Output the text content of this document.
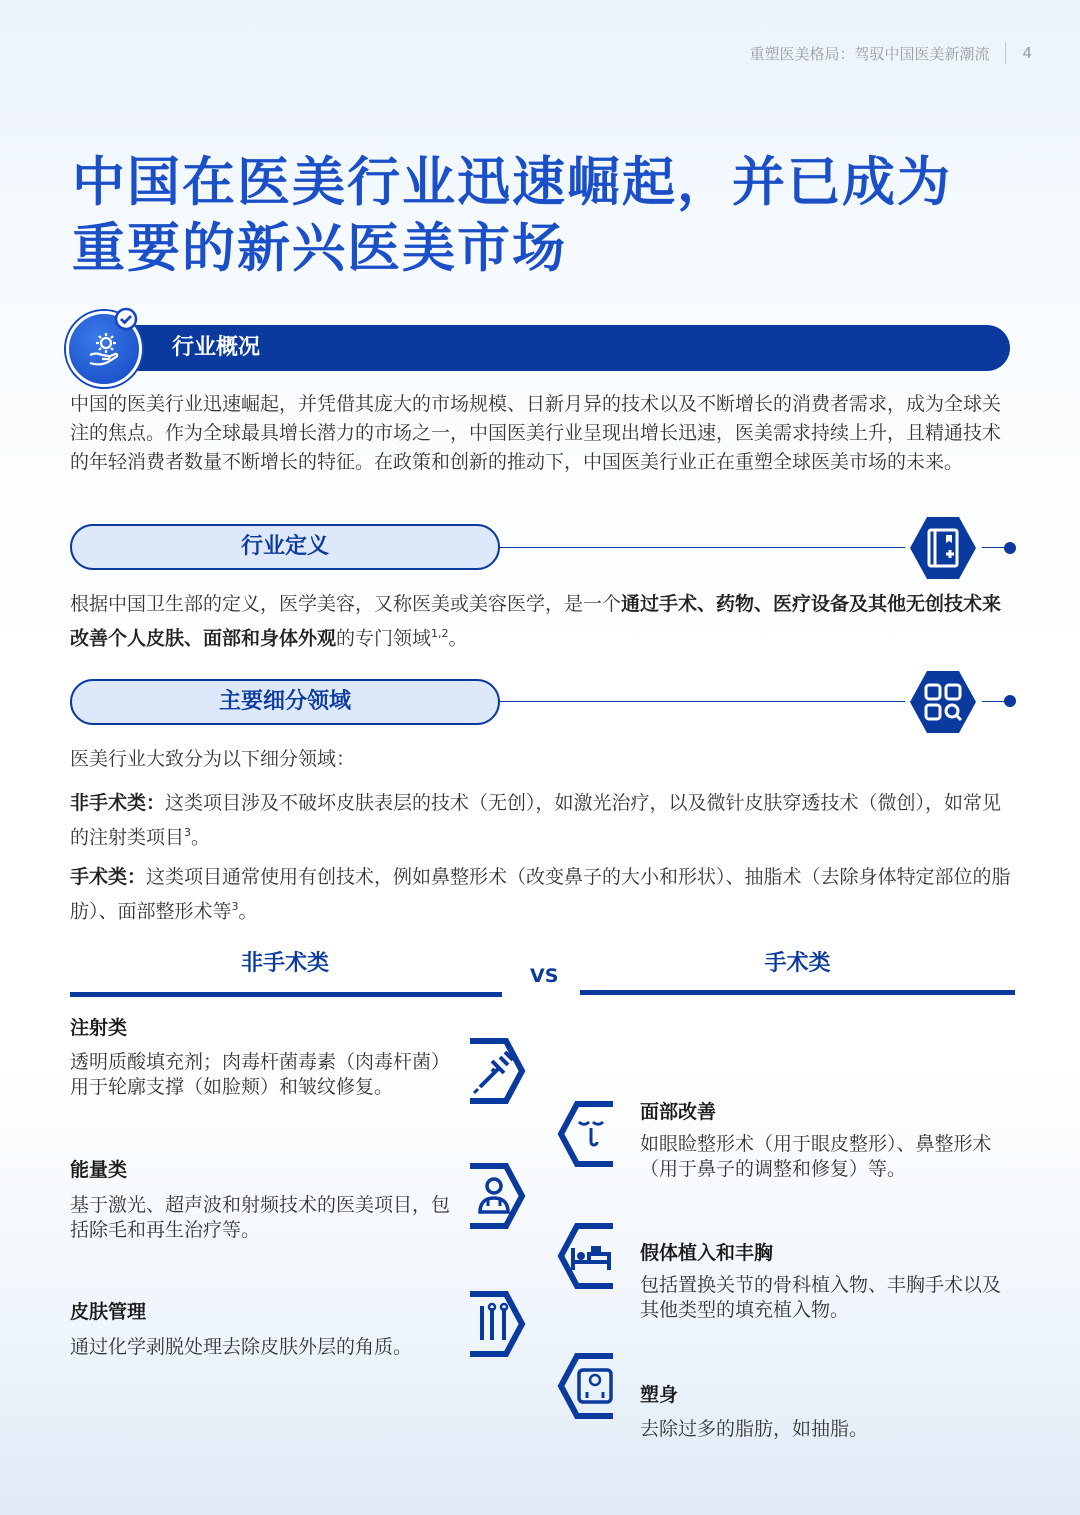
重塑医美格局：驾驭中国医美新潮流 4
中国在医美行业迅速崛起，并已成为
重要的新兴医美市场
行业概况

中国的医美行业迅速崛起，并凭借其庞大的市场规模、日新月异的技术以及不断增长的消费者需求，成为全球关注的焦点。作为全球最具增长潜力的市场之一，中国医美行业呈现出增长迅速，医美需求持续上升，且精通技术的年轻消费者数量不断增长的特征。在政策和创新的推动下，中国医美行业正在重塑全球医美市场的未来。

行业定义

根据中国卫生部的定义，医学美容，又称医美或美容医学，是一个通过手术、药物、医疗设备及其他无创技术来改善个人皮肤、面部和身体外观的专门领域$^{1,2}$。

主要细分领域

医美行业大致分为以下细分领域：

非手术类：这类项目涉及不破坏皮肤表层的技术（无创），如激光治疗，以及微针皮肤穿透技术（微创），如常见的注射类项目$^3$。

手术类：这类项目通常使用有创技术，例如鼻整形术（改变鼻子的大小和形状）、抽脂术（去除身体特定部位的脂肪）、面部整形术等$^3$。

非手术类	VS	手术类
注射类
透明质酸填充剂；肉毒杆菌毒素（肉毒杆菌）用于轮廓支撑（如脸颊）和皱纹修复。
能量类
基于激光、超声波和射频技术的医美项目，包括除毛和再生治疗等。
皮肤管理
通过化学剥脱处理去除皮肤外层的角质。
面部改善
如眼睑整形术（用于眼皮整形）、鼻整形术（用于鼻子的调整和修复）等。
假体植入和丰胸
包括置换关节的骨科植入物、丰胸手术以及其他类型的填充植入物。
塑身
去除过多的脂肪，如抽脂。
